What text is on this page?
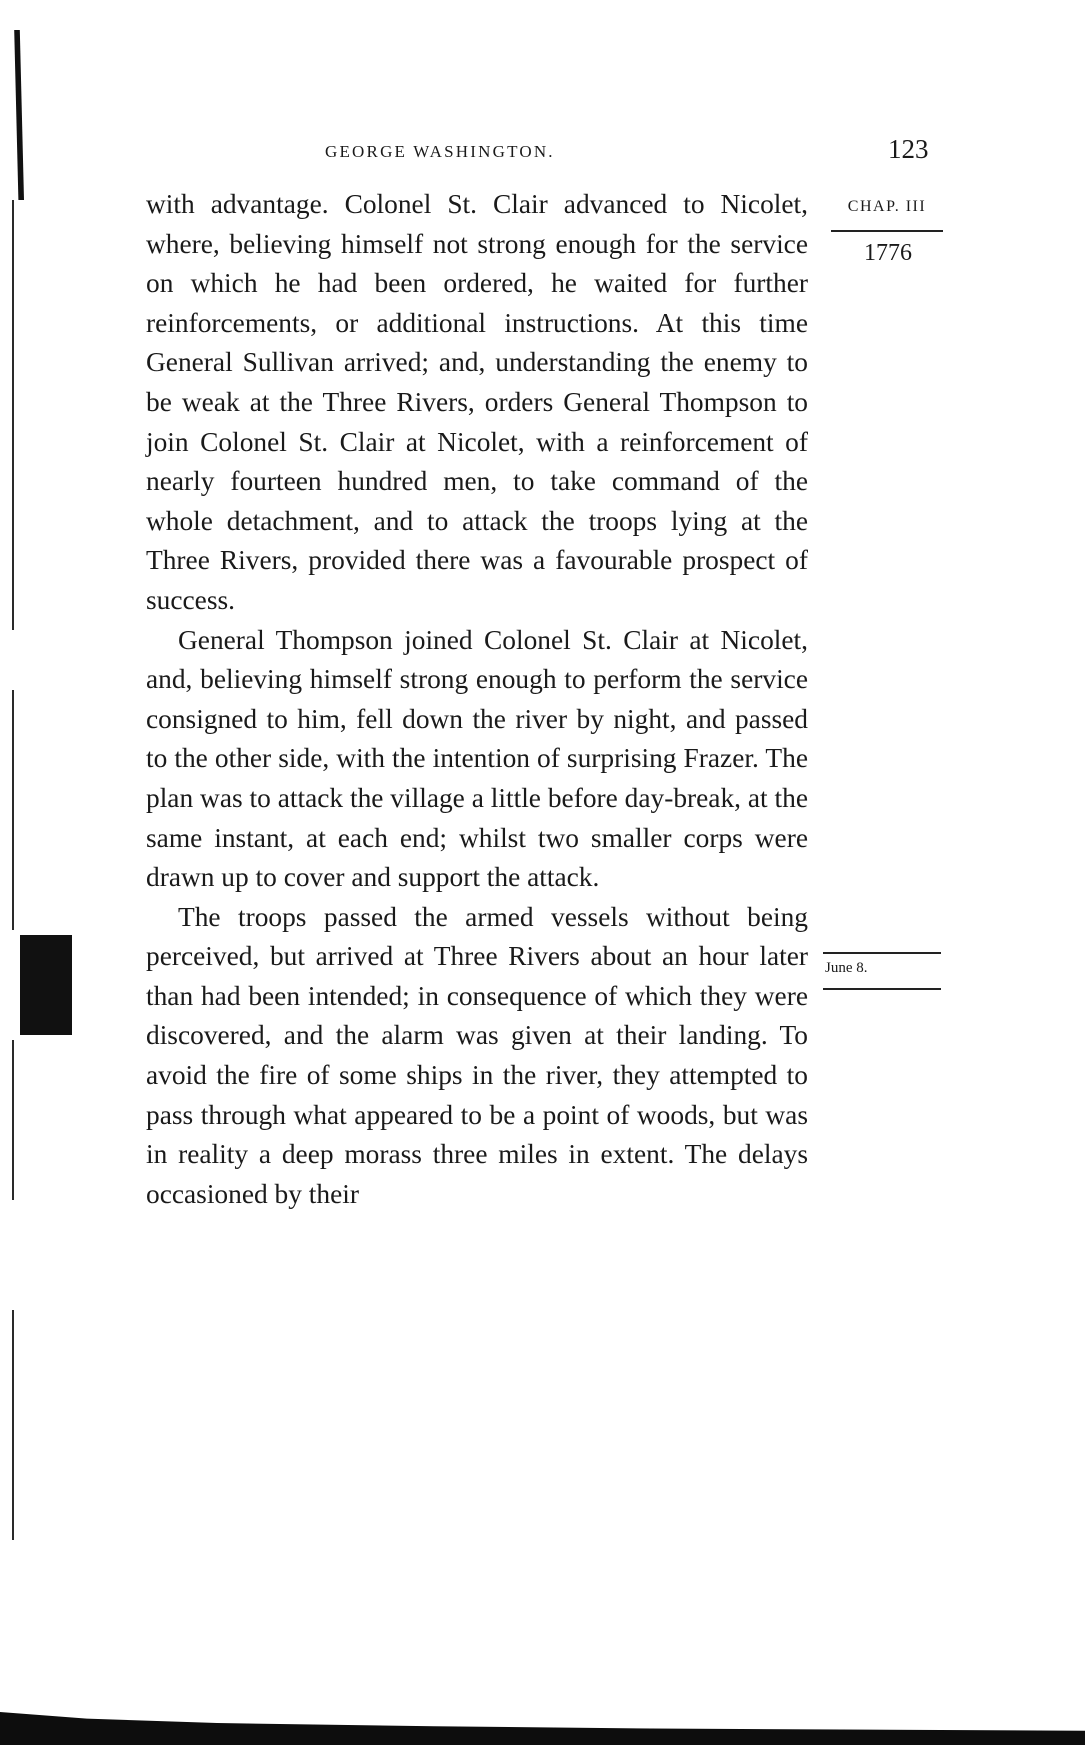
GEORGE WASHINGTON.	123
CHAP. III
1776
June 8.

with advantage. Colonel St. Clair advanced to Nicolet, where, believing himself not strong enough for the service on which he had been ordered, he waited for further reinforcements, or additional instructions. At this time General Sullivan arrived; and, understanding the enemy to be weak at the Three Rivers, orders General Thompson to join Colonel St. Clair at Nicolet, with a reinforcement of nearly fourteen hundred men, to take command of the whole detachment, and to attack the troops lying at the Three Rivers, provided there was a favourable prospect of success.

General Thompson joined Colonel St. Clair at Nicolet, and, believing himself strong enough to perform the service consigned to him, fell down the river by night, and passed to the other side, with the intention of surprising Frazer. The plan was to attack the village a little before day-break, at the same instant, at each end; whilst two smaller corps were drawn up to cover and support the attack.

The troops passed the armed vessels without being perceived, but arrived at Three Rivers about an hour later than had been intended; in consequence of which they were discovered, and the alarm was given at their landing. To avoid the fire of some ships in the river, they attempted to pass through what appeared to be a point of woods, but was in reality a deep morass three miles in extent. The delays occasioned by their
